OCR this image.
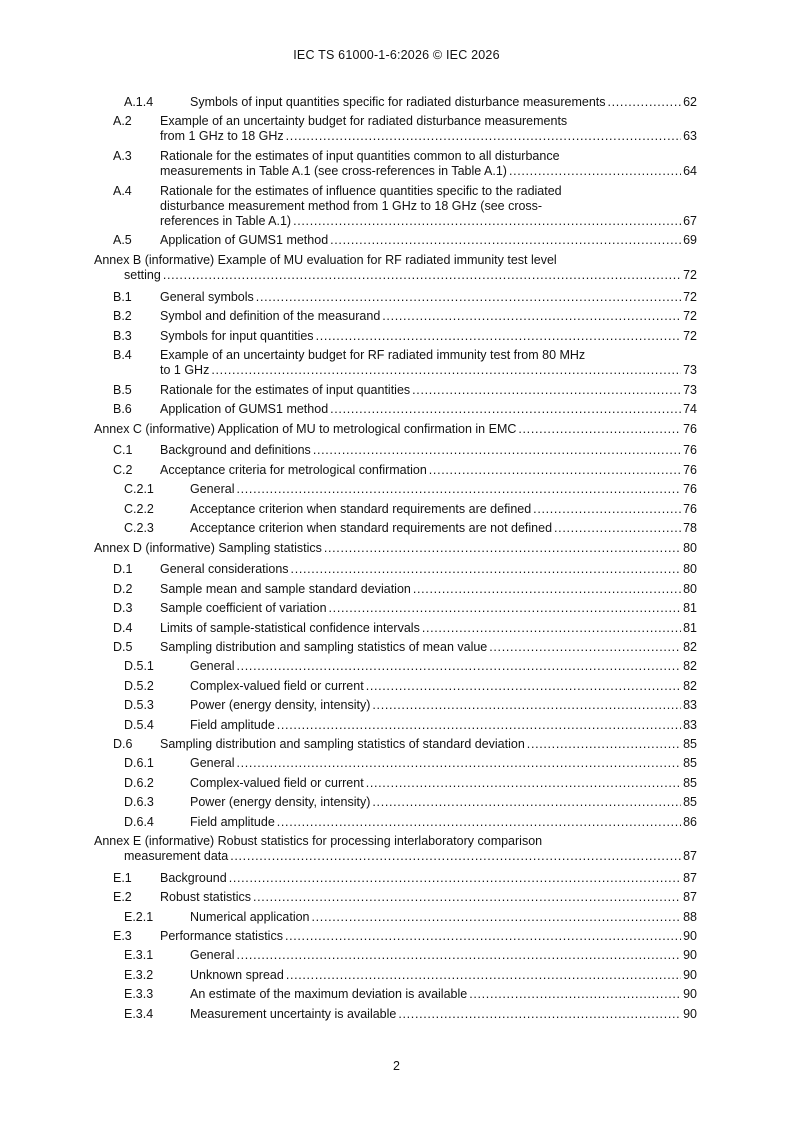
IEC TS 61000-1-6:2026 © IEC 2026
A.1.4	Symbols of input quantities specific for radiated disturbance measurements . . .	62
A.2 Example of an uncertainty budget for radiated disturbance measurements
from 1 GHz to 18 GHz . . .	63
A.3 Rationale for the estimates of input quantities common to all disturbance
measurements in Table A.1 (see cross-references in Table A.1) . . .	64
A.4 Rationale for the estimates of influence quantities specific to the radiated
disturbance measurement method from 1 GHz to 18 GHz (see cross-
references in Table A.1) . . .	67
A.5 Application of GUMS1 method . . .	69
Annex B (informative) Example of MU evaluation for RF radiated immunity test level
setting . . .	72
B.1 General symbols . . .	72
B.2 Symbol and definition of the measurand . . .	72
B.3 Symbols for input quantities . . .	72
B.4 Example of an uncertainty budget for RF radiated immunity test from 80 MHz
to 1 GHz . . .	73
B.5 Rationale for the estimates of input quantities . . .	73
B.6 Application of GUMS1 method . . .	74
Annex C (informative) Application of MU to metrological confirmation in EMC . . .	76
C.1 Background and definitions . . .	76
C.2 Acceptance criteria for metrological confirmation . . .	76
C.2.1	General . . .	76
C.2.2	Acceptance criterion when standard requirements are defined . . .	76
C.2.3	Acceptance criterion when standard requirements are not defined . . .	78
Annex D (informative) Sampling statistics . . .	80
D.1 General considerations . . .	80
D.2 Sample mean and sample standard deviation . . .	80
D.3 Sample coefficient of variation . . .	81
D.4 Limits of sample-statistical confidence intervals . . .	81
D.5 Sampling distribution and sampling statistics of mean value . . .	82
D.5.1	General . . .	82
D.5.2	Complex-valued field or current . . .	82
D.5.3	Power (energy density, intensity) . . .	83
D.5.4	Field amplitude . . .	83
D.6 Sampling distribution and sampling statistics of standard deviation . . .	85
D.6.1	General . . .	85
D.6.2	Complex-valued field or current . . .	85
D.6.3	Power (energy density, intensity) . . .	85
D.6.4	Field amplitude . . .	86
Annex E (informative) Robust statistics for processing interlaboratory comparison
measurement data . . .	87
E.1 Background . . .	87
E.2 Robust statistics . . .	87
E.2.1	Numerical application . . .	88
E.3 Performance statistics . . .	90
E.3.1	General . . .	90
E.3.2	Unknown spread . . .	90
E.3.3	An estimate of the maximum deviation is available . . .	90
E.3.4	Measurement uncertainty is available . . .	90
2
